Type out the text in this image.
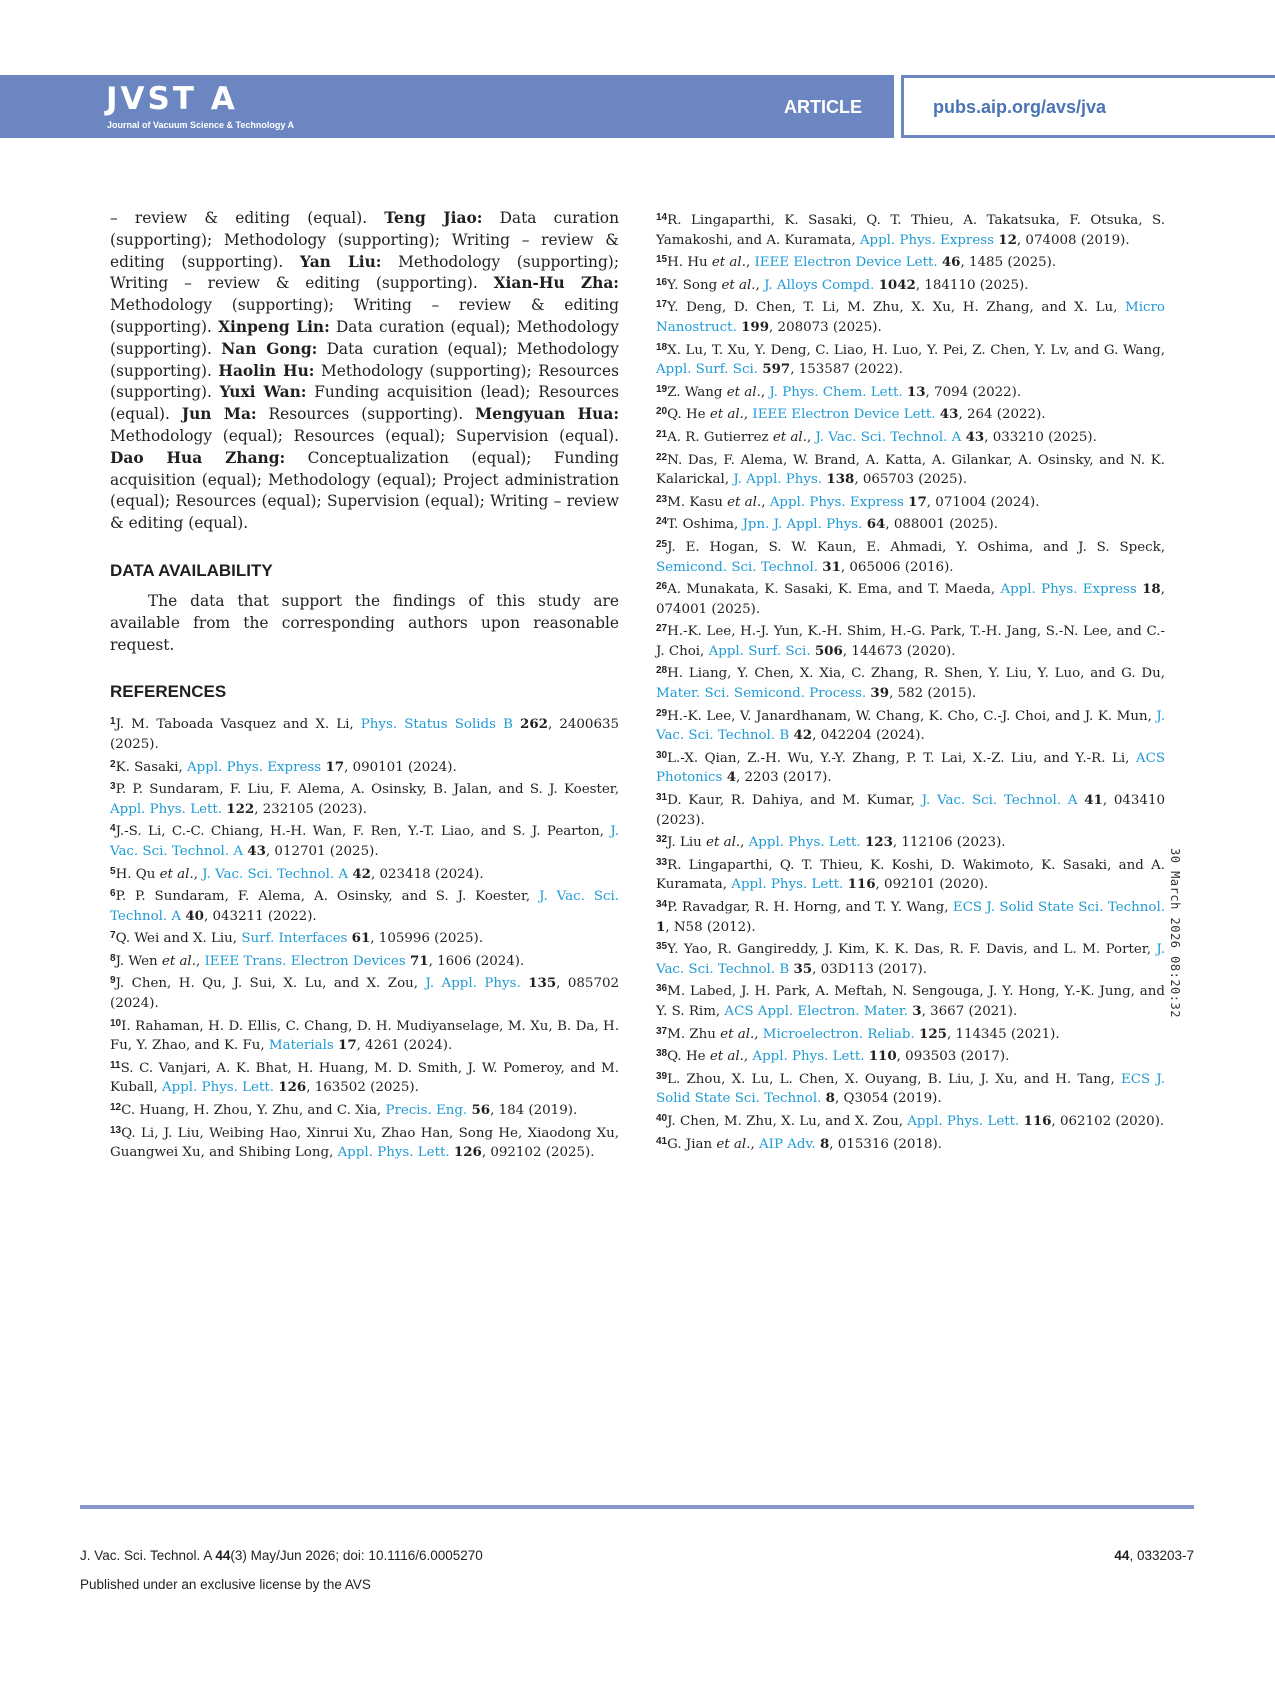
JVST A
Journal of Vacuum Science & Technology A
ARTICLE	pubs.aip.org/avs/jva

– review & editing (equal). Teng Jiao: Data curation (supporting); Methodology (supporting); Writing – review & editing (supporting). Yan Liu: Methodology (supporting); Writing – review & editing (supporting). Xian-Hu Zha: Methodology (supporting); Writing – review & editing (supporting). Xinpeng Lin: Data curation (equal); Methodology (supporting). Nan Gong: Data curation (equal); Methodology (supporting). Haolin Hu: Methodology (supporting); Resources (supporting). Yuxi Wan: Funding acquisition (lead); Resources (equal). Jun Ma: Resources (supporting). Mengyuan Hua: Methodology (equal); Resources (equal); Supervision (equal). Dao Hua Zhang: Conceptualization (equal); Funding acquisition (equal); Methodology (equal); Project administration (equal); Resources (equal); Supervision (equal); Writing – review & editing (equal).

DATA AVAILABILITY

The data that support the findings of this study are available from the corresponding authors upon reasonable request.

REFERENCES

$^1$J. M. Taboada Vasquez and X. Li, Phys. Status Solids B 262, 2400635 (2025).

$^2$K. Sasaki, Appl. Phys. Express 17, 090101 (2024).

$^3$P. P. Sundaram, F. Liu, F. Alema, A. Osinsky, B. Jalan, and S. J. Koester, Appl. Phys. Lett. 122, 232105 (2023).

$^4$J.-S. Li, C.-C. Chiang, H.-H. Wan, F. Ren, Y.-T. Liao, and S. J. Pearton, J. Vac. Sci. Technol. A 43, 012701 (2025).

$^5$H. Qu et al., J. Vac. Sci. Technol. A 42, 023418 (2024).

$^6$P. P. Sundaram, F. Alema, A. Osinsky, and S. J. Koester, J. Vac. Sci. Technol. A 40, 043211 (2022).

$^7$Q. Wei and X. Liu, Surf. Interfaces 61, 105996 (2025).

$^8$J. Wen et al., IEEE Trans. Electron Devices 71, 1606 (2024).

$^9$J. Chen, H. Qu, J. Sui, X. Lu, and X. Zou, J. Appl. Phys. 135, 085702 (2024).

$^{10}$I. Rahaman, H. D. Ellis, C. Chang, D. H. Mudiyanselage, M. Xu, B. Da, H. Fu, Y. Zhao, and K. Fu, Materials 17, 4261 (2024).

$^{11}$S. C. Vanjari, A. K. Bhat, H. Huang, M. D. Smith, J. W. Pomeroy, and M. Kuball, Appl. Phys. Lett. 126, 163502 (2025).

$^{12}$C. Huang, H. Zhou, Y. Zhu, and C. Xia, Precis. Eng. 56, 184 (2019).

$^{13}$Q. Li, J. Liu, Weibing Hao, Xinrui Xu, Zhao Han, Song He, Xiaodong Xu, Guangwei Xu, and Shibing Long, Appl. Phys. Lett. 126, 092102 (2025).

$^{14}$R. Lingaparthi, K. Sasaki, Q. T. Thieu, A. Takatsuka, F. Otsuka, S. Yamakoshi, and A. Kuramata, Appl. Phys. Express 12, 074008 (2019).

$^{15}$H. Hu et al., IEEE Electron Device Lett. 46, 1485 (2025).

$^{16}$Y. Song et al., J. Alloys Compd. 1042, 184110 (2025).

$^{17}$Y. Deng, D. Chen, T. Li, M. Zhu, X. Xu, H. Zhang, and X. Lu, Micro Nanostruct. 199, 208073 (2025).

$^{18}$X. Lu, T. Xu, Y. Deng, C. Liao, H. Luo, Y. Pei, Z. Chen, Y. Lv, and G. Wang, Appl. Surf. Sci. 597, 153587 (2022).

$^{19}$Z. Wang et al., J. Phys. Chem. Lett. 13, 7094 (2022).

$^{20}$Q. He et al., IEEE Electron Device Lett. 43, 264 (2022).

$^{21}$A. R. Gutierrez et al., J. Vac. Sci. Technol. A 43, 033210 (2025).

$^{22}$N. Das, F. Alema, W. Brand, A. Katta, A. Gilankar, A. Osinsky, and N. K. Kalarickal, J. Appl. Phys. 138, 065703 (2025).

$^{23}$M. Kasu et al., Appl. Phys. Express 17, 071004 (2024).

$^{24}$T. Oshima, Jpn. J. Appl. Phys. 64, 088001 (2025).

$^{25}$J. E. Hogan, S. W. Kaun, E. Ahmadi, Y. Oshima, and J. S. Speck, Semicond. Sci. Technol. 31, 065006 (2016).

$^{26}$A. Munakata, K. Sasaki, K. Ema, and T. Maeda, Appl. Phys. Express 18, 074001 (2025).

$^{27}$H.-K. Lee, H.-J. Yun, K.-H. Shim, H.-G. Park, T.-H. Jang, S.-N. Lee, and C.-J. Choi, Appl. Surf. Sci. 506, 144673 (2020).

$^{28}$H. Liang, Y. Chen, X. Xia, C. Zhang, R. Shen, Y. Liu, Y. Luo, and G. Du, Mater. Sci. Semicond. Process. 39, 582 (2015).

$^{29}$H.-K. Lee, V. Janardhanam, W. Chang, K. Cho, C.-J. Choi, and J. K. Mun, J. Vac. Sci. Technol. B 42, 042204 (2024).

$^{30}$L.-X. Qian, Z.-H. Wu, Y.-Y. Zhang, P. T. Lai, X.-Z. Liu, and Y.-R. Li, ACS Photonics 4, 2203 (2017).

$^{31}$D. Kaur, R. Dahiya, and M. Kumar, J. Vac. Sci. Technol. A 41, 043410 (2023).

$^{32}$J. Liu et al., Appl. Phys. Lett. 123, 112106 (2023).

$^{33}$R. Lingaparthi, Q. T. Thieu, K. Koshi, D. Wakimoto, K. Sasaki, and A. Kuramata, Appl. Phys. Lett. 116, 092101 (2020).

$^{34}$P. Ravadgar, R. H. Horng, and T. Y. Wang, ECS J. Solid State Sci. Technol. 1, N58 (2012).

$^{35}$Y. Yao, R. Gangireddy, J. Kim, K. K. Das, R. F. Davis, and L. M. Porter, J. Vac. Sci. Technol. B 35, 03D113 (2017).

$^{36}$M. Labed, J. H. Park, A. Meftah, N. Sengouga, J. Y. Hong, Y.-K. Jung, and Y. S. Rim, ACS Appl. Electron. Mater. 3, 3667 (2021).

$^{37}$M. Zhu et al., Microelectron. Reliab. 125, 114345 (2021).

$^{38}$Q. He et al., Appl. Phys. Lett. 110, 093503 (2017).

$^{39}$L. Zhou, X. Lu, L. Chen, X. Ouyang, B. Liu, J. Xu, and H. Tang, ECS J. Solid State Sci. Technol. 8, Q3054 (2019).

$^{40}$J. Chen, M. Zhu, X. Lu, and X. Zou, Appl. Phys. Lett. 116, 062102 (2020).

$^{41}$G. Jian et al., AIP Adv. 8, 015316 (2018).

30 March 2026 08:20:32
J. Vac. Sci. Technol. A 44(3) May/Jun 2026; doi: 10.1116/6.0005270
Published under an exclusive license by the AVS
44, 033203-7
